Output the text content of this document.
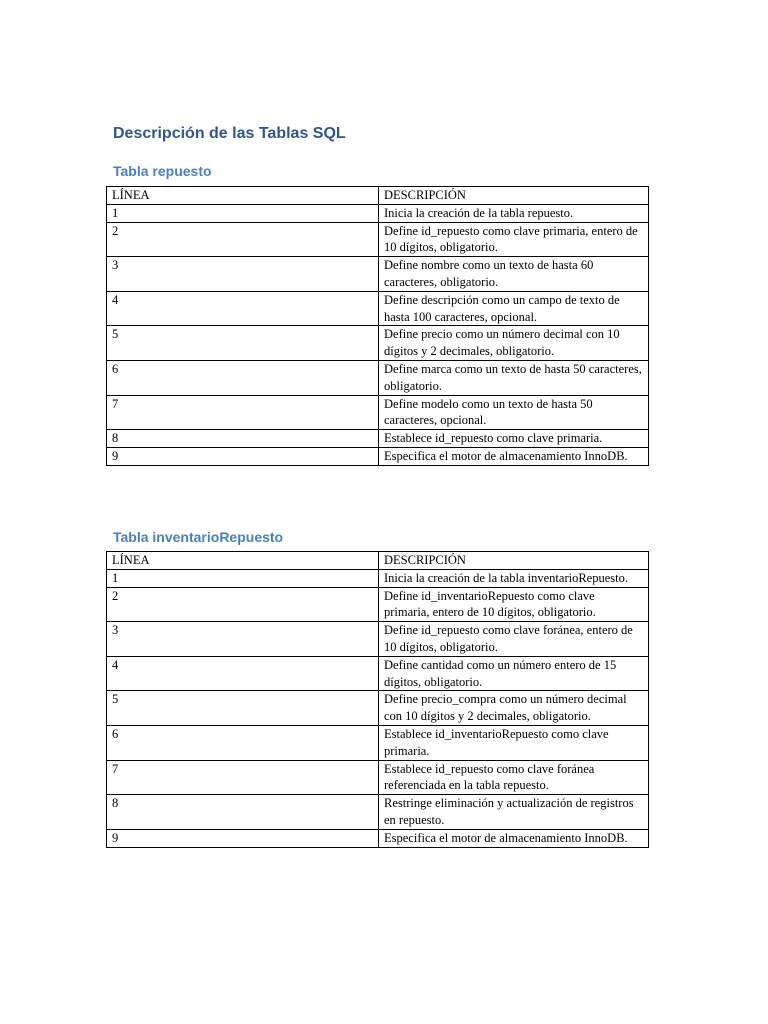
Descripción de las Tablas SQL
Tabla repuesto
LÍNEA	DESCRIPCIÓN
1	Inicia la creación de la tabla repuesto.
2	Define id_repuesto como clave primaria, entero de 10 dígitos, obligatorio.
3	Define nombre como un texto de hasta 60 caracteres, obligatorio.
4	Define descripción como un campo de texto de hasta 100 caracteres, opcional.
5	Define precio como un número decimal con 10 dígitos y 2 decimales, obligatorio.
6	Define marca como un texto de hasta 50 caracteres, obligatorio.
7	Define modelo como un texto de hasta 50 caracteres, opcional.
8	Establece id_repuesto como clave primaria.
9	Especifica el motor de almacenamiento InnoDB.
Tabla inventarioRepuesto
LÍNEA	DESCRIPCIÓN
1	Inicia la creación de la tabla inventarioRepuesto.
2	Define id_inventarioRepuesto como clave primaria, entero de 10 dígitos, obligatorio.
3	Define id_repuesto como clave foránea, entero de 10 dígitos, obligatorio.
4	Define cantidad como un número entero de 15 dígitos, obligatorio.
5	Define precio_compra como un número decimal con 10 dígitos y 2 decimales, obligatorio.
6	Establece id_inventarioRepuesto como clave primaria.
7	Establece id_repuesto como clave foránea referenciada en la tabla repuesto.
8	Restringe eliminación y actualización de registros en repuesto.
9	Especifica el motor de almacenamiento InnoDB.
